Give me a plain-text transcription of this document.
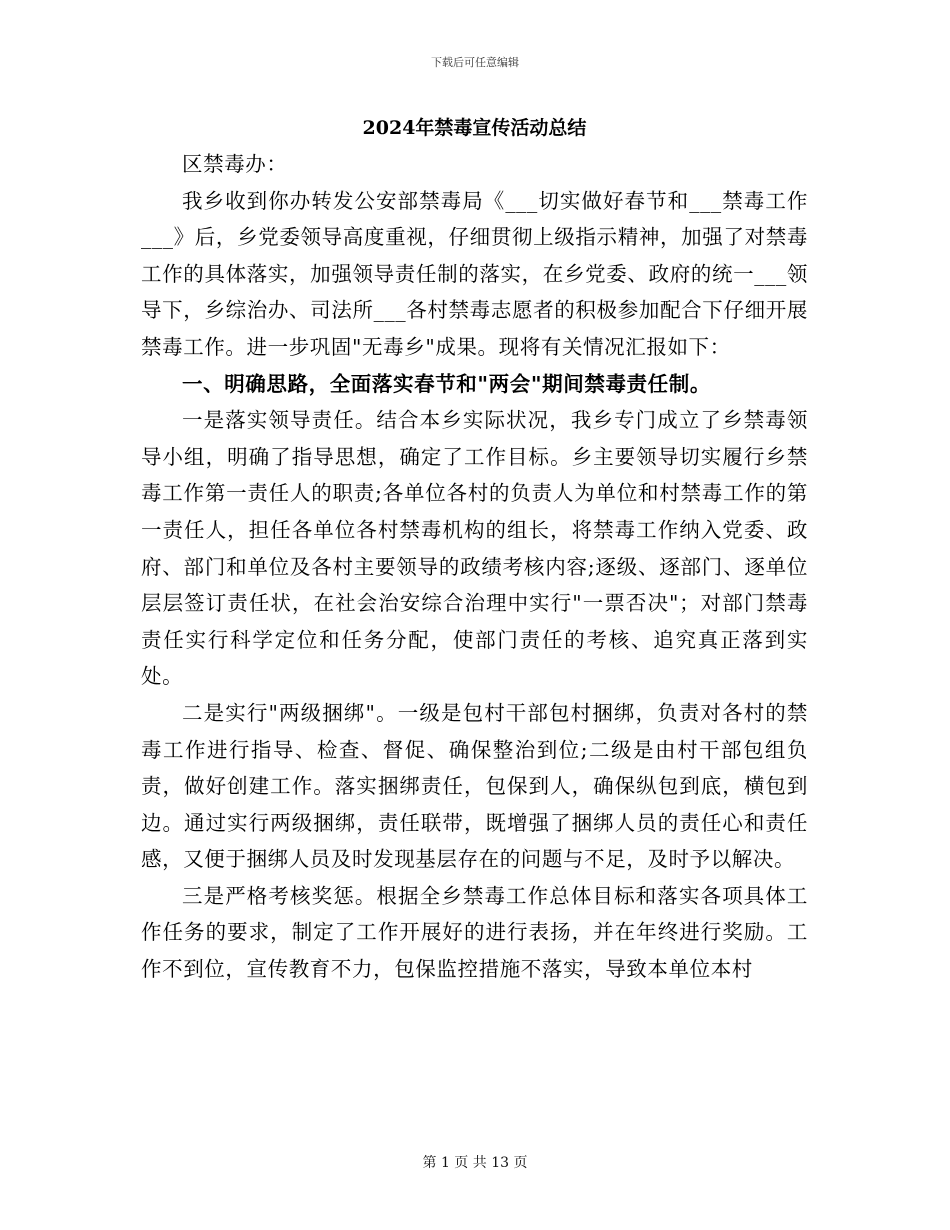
下载后可任意编辑
2024年禁毒宣传活动总结

区禁毒办：

我乡收到你办转发公安部禁毒局《___切实做好春节和___禁毒工作___》后，乡党委领导高度重视，仔细贯彻上级指示精神，加强了对禁毒工作的具体落实，加强领导责任制的落实，在乡党委、政府的统一___领导下，乡综治办、司法所___各村禁毒志愿者的积极参加配合下仔细开展禁毒工作。进一步巩固"无毒乡"成果。现将有关情况汇报如下：

一、明确思路，全面落实春节和"两会"期间禁毒责任制。

一是落实领导责任。结合本乡实际状况，我乡专门成立了乡禁毒领导小组，明确了指导思想，确定了工作目标。乡主要领导切实履行乡禁毒工作第一责任人的职责;各单位各村的负责人为单位和村禁毒工作的第一责任人，担任各单位各村禁毒机构的组长，将禁毒工作纳入党委、政府、部门和单位及各村主要领导的政绩考核内容;逐级、逐部门、逐单位层层签订责任状，在社会治安综合治理中实行"一票否决"；对部门禁毒责任实行科学定位和任务分配，使部门责任的考核、追究真正落到实处。

二是实行"两级捆绑"。一级是包村干部包村捆绑，负责对各村的禁毒工作进行指导、检查、督促、确保整治到位;二级是由村干部包组负责，做好创建工作。落实捆绑责任，包保到人，确保纵包到底，横包到边。通过实行两级捆绑，责任联带，既增强了捆绑人员的责任心和责任感，又便于捆绑人员及时发现基层存在的问题与不足，及时予以解决。

三是严格考核奖惩。根据全乡禁毒工作总体目标和落实各项具体工作任务的要求，制定了工作开展好的进行表扬，并在年终进行奖励。工作不到位，宣传教育不力，包保监控措施不落实，导致本单位本村

第 1 页 共 13 页
